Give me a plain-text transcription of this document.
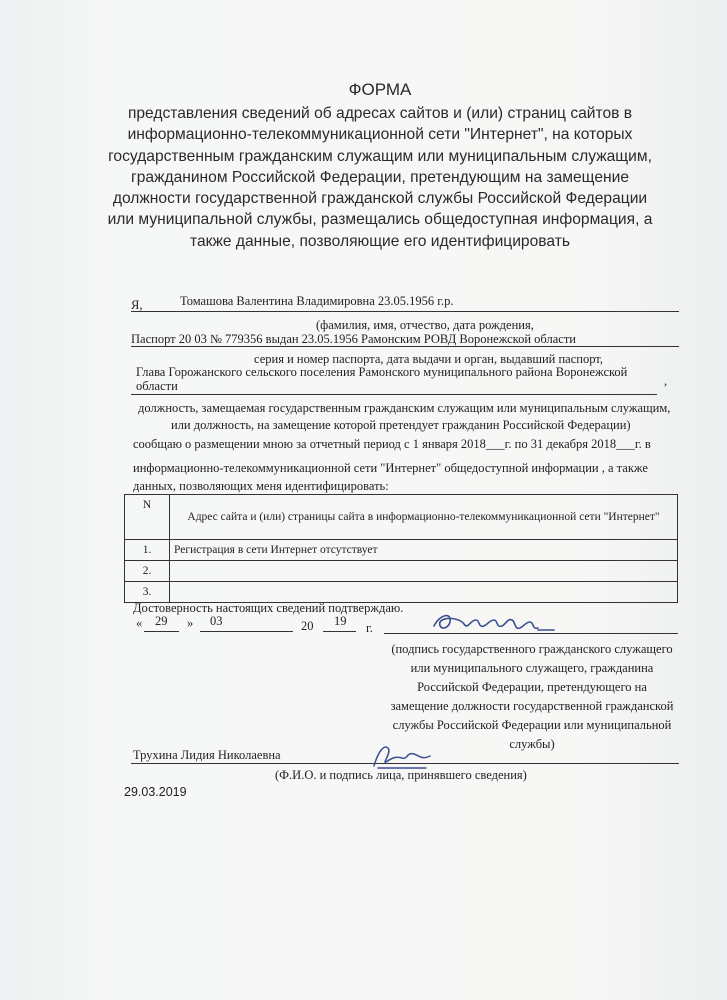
ФОРМА
представления сведений об адресах сайтов и (или) страниц сайтов в информационно-телекоммуникационной сети "Интернет", на которых государственным гражданским служащим или муниципальным служащим, гражданином Российской Федерации, претендующим на замещение должности государственной гражданской службы Российской Федерации или муниципальной службы, размещались общедоступная информация, а также данные, позволяющие его идентифицировать
Я,	Томашова Валентина Владимировна 23.05.1956 г.р.
(фамилия, имя, отчество, дата рождения,
Паспорт 20 03 № 779356 выдан 23.05.1956 Рамонским РОВД Воронежской области
серия и номер паспорта, дата выдачи и орган, выдавший паспорт,
Глава Горожанского сельского поселения Рамонского муниципального района Воронежской
области	,
должность, замещаемая государственным гражданским служащим или муниципальным служащим,
или должность, на замещение которой претендует гражданин Российской Федерации)
сообщаю о размещении мною за отчетный период с 1 января 2018___г. по 31 декабря 2018___г. в
информационно-телекоммуникационной сети "Интернет" общедоступной информации , а также
данных, позволяющих меня идентифицировать:
N	Адрес сайта и (или) страницы сайта в информационно-телекоммуникационной сети "Интернет"
1.	Регистрация в сети Интернет отсутствует
2.	
3.	
Достоверность настоящих сведений подтверждаю.
« 29 » 03	20 19 г.
(подпись государственного гражданского служащего или муниципального служащего, гражданина Российской Федерации, претендующего на замещение должности государственной гражданской службы Российской Федерации или муниципальной службы)
Трухина Лидия Николаевна
(Ф.И.О. и подпись лица, принявшего сведения)
29.03.2019
